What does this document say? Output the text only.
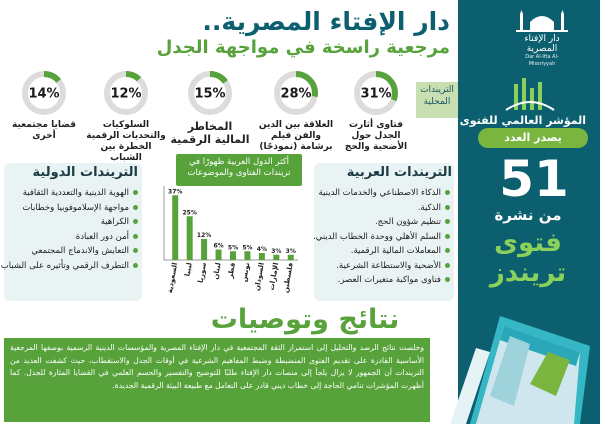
دار الإفتاء المصرية
Dar Al-Ifta Al-Missriyyah
المؤشر العالمي للفتوى
يصدر العدد
51
من نشرة
فتوى
تريندز
دار الإفتاء المصرية..
مرجعية راسخة في مواجهة الجدل
التريندات المحلية
31%
فتاوى أثارت الجدل حول الأضحية والحج
28%
العلاقة بين الدين والفن فيلم برشامة (نموذجًا)
15%
المخاطر المالية الرقمية
12%
السلوكيات والتحديات الرقمية الخطرة بين الشباب
14%
قضايا مجتمعية أخرى
التريندات العربية
الذكاء الاصطناعي والخدمات الدينية
الذكية.
تنظيم شؤون الحج.
السلم الأهلي ووحدة الخطاب الديني.
المعاملات المالية الرقمية.
الأضحية والاستطاعة الشرعية.
فتاوى مواكبة متغيرات العصر.
التريندات الدولية
الهوية الدينية والتعددية الثقافية
مواجهة الإسلاموفوبيا وخطابات
الكراهية
أمن دور العبادة
التعايش والاندماج المجتمعي
التطرف الرقمي وتأثيره على الشباب
37%
السعودية
25%
ليبيا
12%
سوريا
6%
لبنان
5%
قطر
5%
تونس
4%
السودان
3%
الإمارات
3%
فلسطين
أكثر الدول العربية ظهورًا في تريندات الفتاوى والموضوعات
نتائج وتوصيات
وخلصت نتائج الرصد والتحليل إلى استمرار الثقة المجتمعية في دار الإفتاء المصرية والمؤسسات الدينية الرسمية بوصفها المرجعية الأساسية القادرة على تقديم الفتوى المنضبطة وضبط المفاهيم الشرعية في أوقات الجدل والاستقطاب، حيث كشفت العديد من التريندات أن الجمهور لا يزال يلجأ إلى منصات دار الإفتاء طلبًا للتوضيح والتفسير والحسم العلمي في القضايا المثارة للجدل. كما أظهرت المؤشرات تنامي الحاجة إلى خطاب ديني قادر على التعامل مع طبيعة البيئة الرقمية الجديدة.
